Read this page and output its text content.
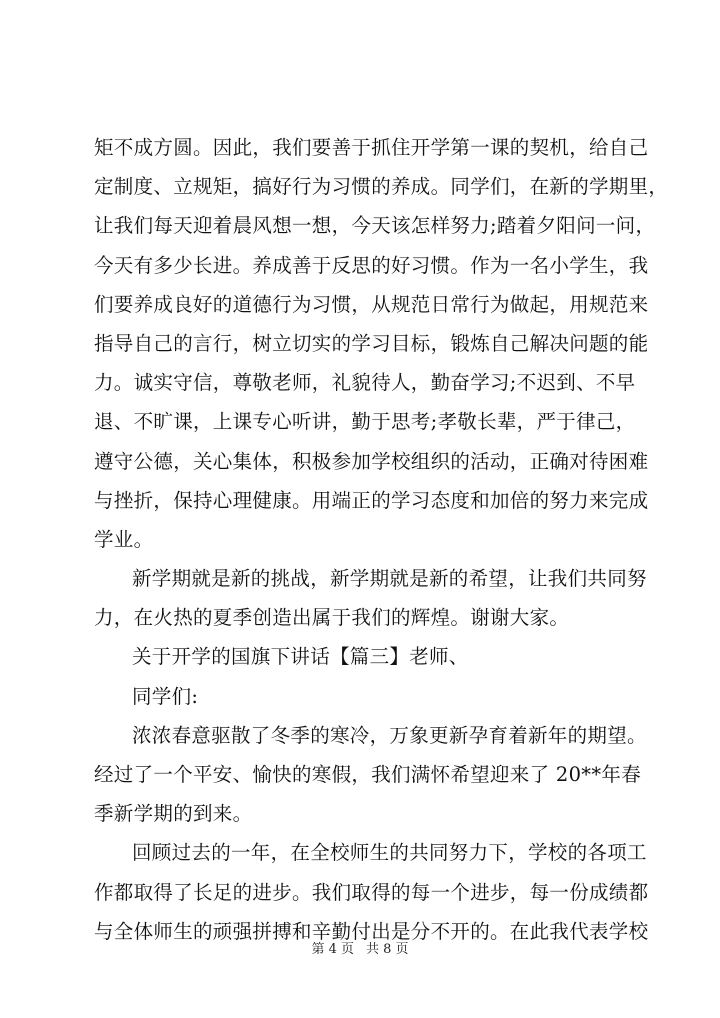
矩不成方圆。因此，我们要善于抓住开学第一课的契机，给自己
定制度、立规矩，搞好行为习惯的养成。同学们，在新的学期里，
让我们每天迎着晨风想一想，今天该怎样努力;踏着夕阳问一问，
今天有多少长进。养成善于反思的好习惯。作为一名小学生，我
们要养成良好的道德行为习惯，从规范日常行为做起，用规范来
指导自己的言行，树立切实的学习目标，锻炼自己解决问题的能
力。诚实守信，尊敬老师，礼貌待人，勤奋学习;不迟到、不早
退、不旷课，上课专心听讲，勤于思考;孝敬长辈，严于律己，
遵守公德，关心集体，积极参加学校组织的活动，正确对待困难
与挫折，保持心理健康。用端正的学习态度和加倍的努力来完成
学业。
新学期就是新的挑战，新学期就是新的希望，让我们共同努
力，在火热的夏季创造出属于我们的辉煌。谢谢大家。
关于开学的国旗下讲话【篇三】老师、
同学们:
浓浓春意驱散了冬季的寒冷，万象更新孕育着新年的期望。
经过了一个平安、愉快的寒假，我们满怀希望迎来了 20**年春
季新学期的到来。
回顾过去的一年，在全校师生的共同努力下，学校的各项工
作都取得了长足的进步。我们取得的每一个进步，每一份成绩都
与全体师生的顽强拼搏和辛勤付出是分不开的。在此我代表学校
第 4 页 共 8 页
